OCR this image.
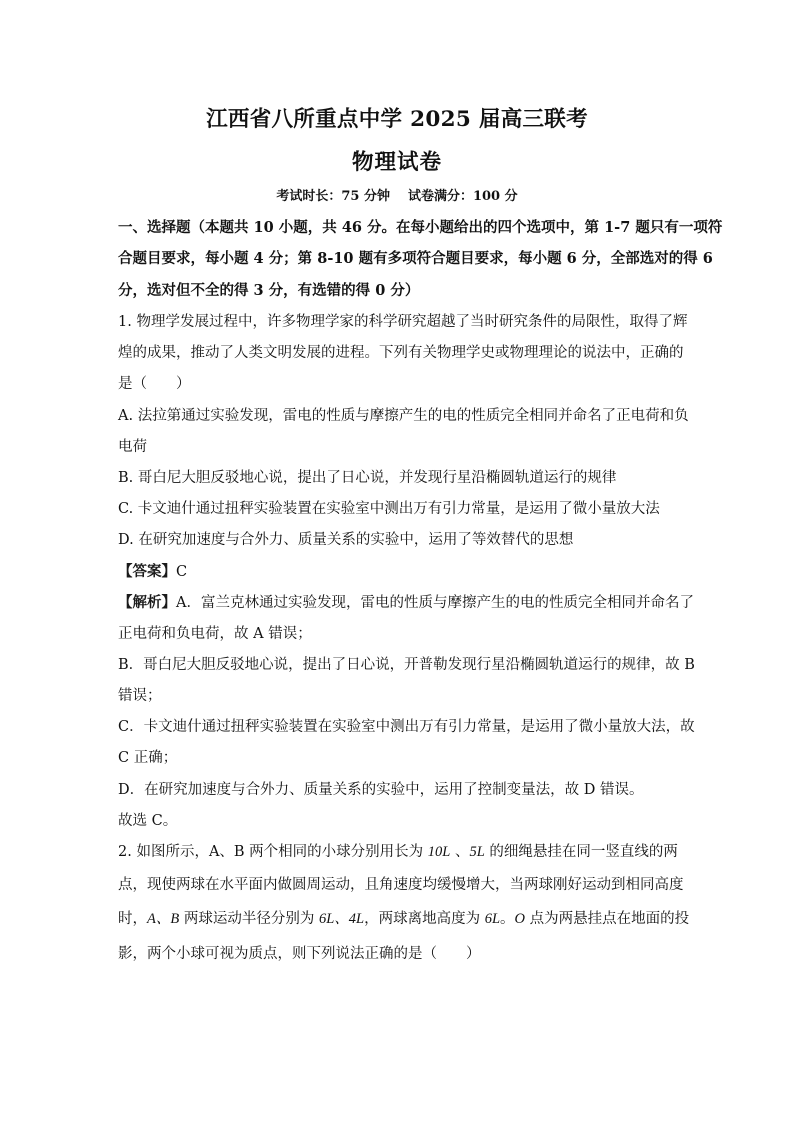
江西省八所重点中学 2025 届高三联考
物理试卷
考试时长：75 分钟 试卷满分：100 分
一、选择题（本题共 10 小题，共 46 分。在每小题给出的四个选项中，第 1-7 题只有一项符
合题目要求，每小题 4 分；第 8-10 题有多项符合题目要求，每小题 6 分，全部选对的得 6
分，选对但不全的得 3 分，有选错的得 0 分）
1. 物理学发展过程中，许多物理学家的科学研究超越了当时研究条件的局限性，取得了辉
煌的成果，推动了人类文明发展的进程。下列有关物理学史或物理理论的说法中，正确的
是（　　）
A. 法拉第通过实验发现，雷电的性质与摩擦产生的电的性质完全相同并命名了正电荷和负
电荷
B. 哥白尼大胆反驳地心说，提出了日心说，并发现行星沿椭圆轨道运行的规律
C. 卡文迪什通过扭秤实验装置在实验室中测出万有引力常量，是运用了微小量放大法
D. 在研究加速度与合外力、质量关系的实验中，运用了等效替代的思想
【答案】C
【解析】A．富兰克林通过实验发现，雷电的性质与摩擦产生的电的性质完全相同并命名了
正电荷和负电荷，故 A 错误；
B．哥白尼大胆反驳地心说，提出了日心说，开普勒发现行星沿椭圆轨道运行的规律，故 B
错误；
C．卡文迪什通过扭秤实验装置在实验室中测出万有引力常量，是运用了微小量放大法，故
C 正确；
D．在研究加速度与合外力、质量关系的实验中，运用了控制变量法，故 D 错误。
故选 C。
2. 如图所示，A、B 两个相同的小球分别用长为 10L 、5L 的细绳悬挂在同一竖直线的两
点，现使两球在水平面内做圆周运动，且角速度均缓慢增大，当两球刚好运动到相同高度
时，A、B 两球运动半径分别为 6L、4L，两球离地高度为 6L。O 点为两悬挂点在地面的投
影，两个小球可视为质点，则下列说法正确的是（　　）
